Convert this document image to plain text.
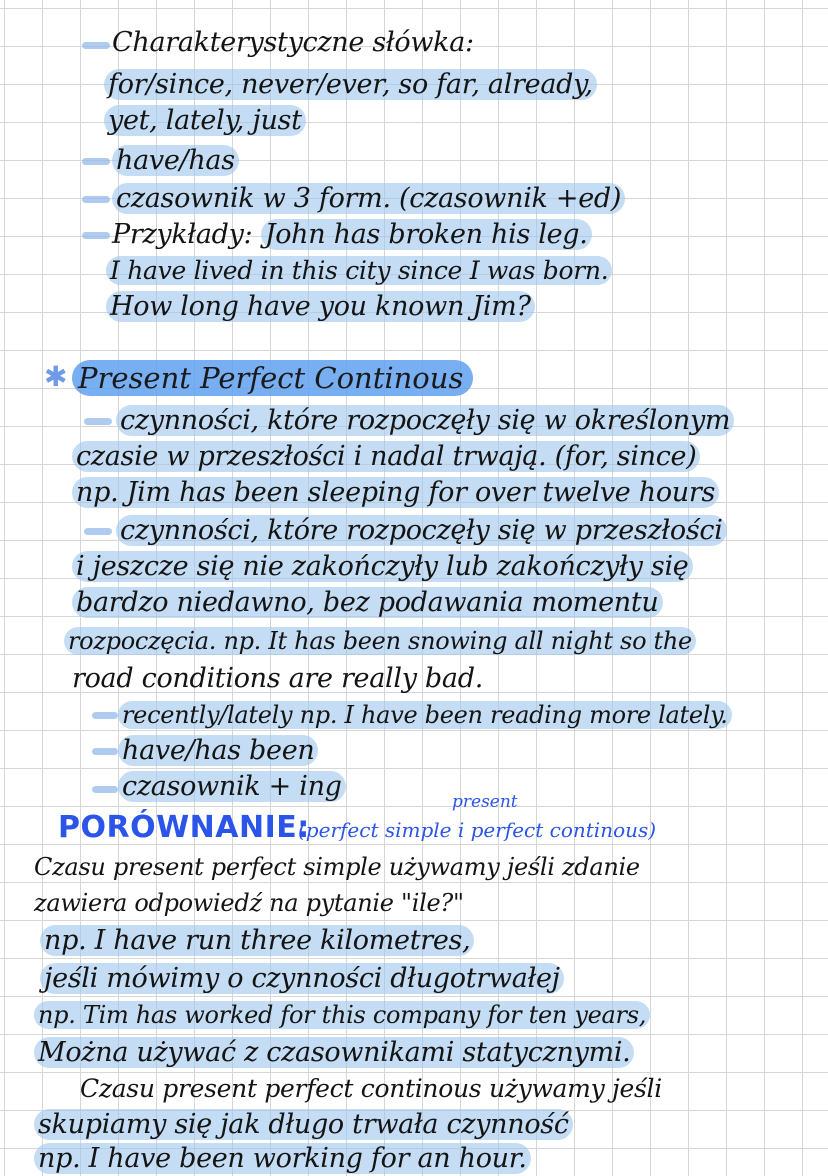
Charakterystyczne słówka:
for/since, never/ever, so far, already,
yet, lately, just
have/has
czasownik w 3 form. (czasownik +ed)
Przykłady: John has broken his leg.
I have lived in this city since I was born.
How long have you known Jim?
✱ Present Perfect Continous
czynności, które rozpoczęły się w określonym
czasie w przeszłości i nadal trwają. (for, since)
np. Jim has been sleeping for over twelve hours
czynności, które rozpoczęły się w przeszłości
i jeszcze się nie zakończyły lub zakończyły się
bardzo niedawno, bez podawania momentu
rozpoczęcia. np. It has been snowing all night so the
road conditions are really bad.
recently/lately np. I have been reading more lately.
have/has been
czasownik + ing	present
PORÓWNANIE:
(perfect simple i perfect continous)
Czasu present perfect simple używamy jeśli zdanie
zawiera odpowiedź na pytanie "ile?"
np. I have run three kilometres,
jeśli mówimy o czynności długotrwałej
np. Tim has worked for this company for ten years,
Można używać z czasownikami statycznymi.
Czasu present perfect continous używamy jeśli
skupiamy się jak długo trwała czynność
np. I have been working for an hour.
